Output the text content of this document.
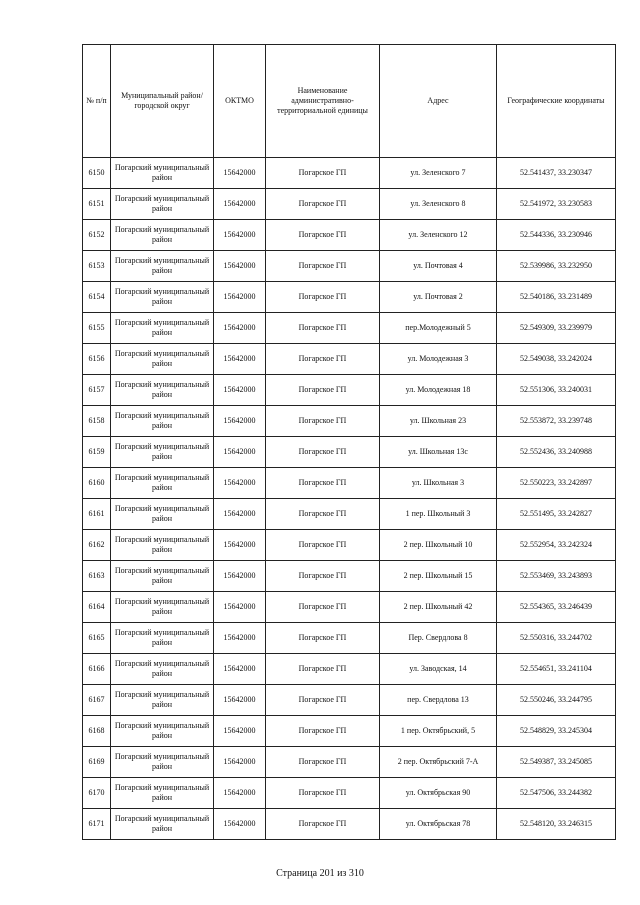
№ п/п	Муниципальный район/городской округ	ОКТМО	Наименование административно-территориальной единицы	Адрес	Географические координаты
6150	Погарский муниципальный район	15642000	Погарское ГП	ул. Зеленского 7	52.541437, 33.230347
6151	Погарский муниципальный район	15642000	Погарское ГП	ул. Зеленского 8	52.541972, 33.230583
6152	Погарский муниципальный район	15642000	Погарское ГП	ул. Зеленского 12	52.544336, 33.230946
6153	Погарский муниципальный район	15642000	Погарское ГП	ул. Почтовая 4	52.539986, 33.232950
6154	Погарский муниципальный район	15642000	Погарское ГП	ул. Почтовая 2	52.540186, 33.231489
6155	Погарский муниципальный район	15642000	Погарское ГП	пер.Молодежный 5	52.549309, 33.239979
6156	Погарский муниципальный район	15642000	Погарское ГП	ул. Молодежная 3	52.549038, 33.242024
6157	Погарский муниципальный район	15642000	Погарское ГП	ул. Молодежная 18	52.551306, 33.240031
6158	Погарский муниципальный район	15642000	Погарское ГП	ул. Школьная 23	52.553872, 33.239748
6159	Погарский муниципальный район	15642000	Погарское ГП	ул. Школьная 13с	52.552436, 33.240988
6160	Погарский муниципальный район	15642000	Погарское ГП	ул. Школьная 3	52.550223, 33.242897
6161	Погарский муниципальный район	15642000	Погарское ГП	1 пер. Школьный 3	52.551495, 33.242827
6162	Погарский муниципальный район	15642000	Погарское ГП	2 пер. Школьный 10	52.552954, 33.242324
6163	Погарский муниципальный район	15642000	Погарское ГП	2 пер. Школьный 15	52.553469, 33.243893
6164	Погарский муниципальный район	15642000	Погарское ГП	2 пер. Школьный 42	52.554365, 33.246439
6165	Погарский муниципальный район	15642000	Погарское ГП	Пер. Свердлова 8	52.550316, 33.244702
6166	Погарский муниципальный район	15642000	Погарское ГП	ул. Заводская, 14	52.554651, 33.241104
6167	Погарский муниципальный район	15642000	Погарское ГП	пер. Свердлова 13	52.550246, 33.244795
6168	Погарский муниципальный район	15642000	Погарское ГП	1 пер. Октябрьский, 5	52.548829, 33.245304
6169	Погарский муниципальный район	15642000	Погарское ГП	2 пер. Октябрьский 7-А	52.549387, 33.245085
6170	Погарский муниципальный район	15642000	Погарское ГП	ул. Октябрьская 90	52.547506, 33.244382
6171	Погарский муниципальный район	15642000	Погарское ГП	ул. Октябрьская 78	52.548120, 33.246315
Страница 201 из 310
